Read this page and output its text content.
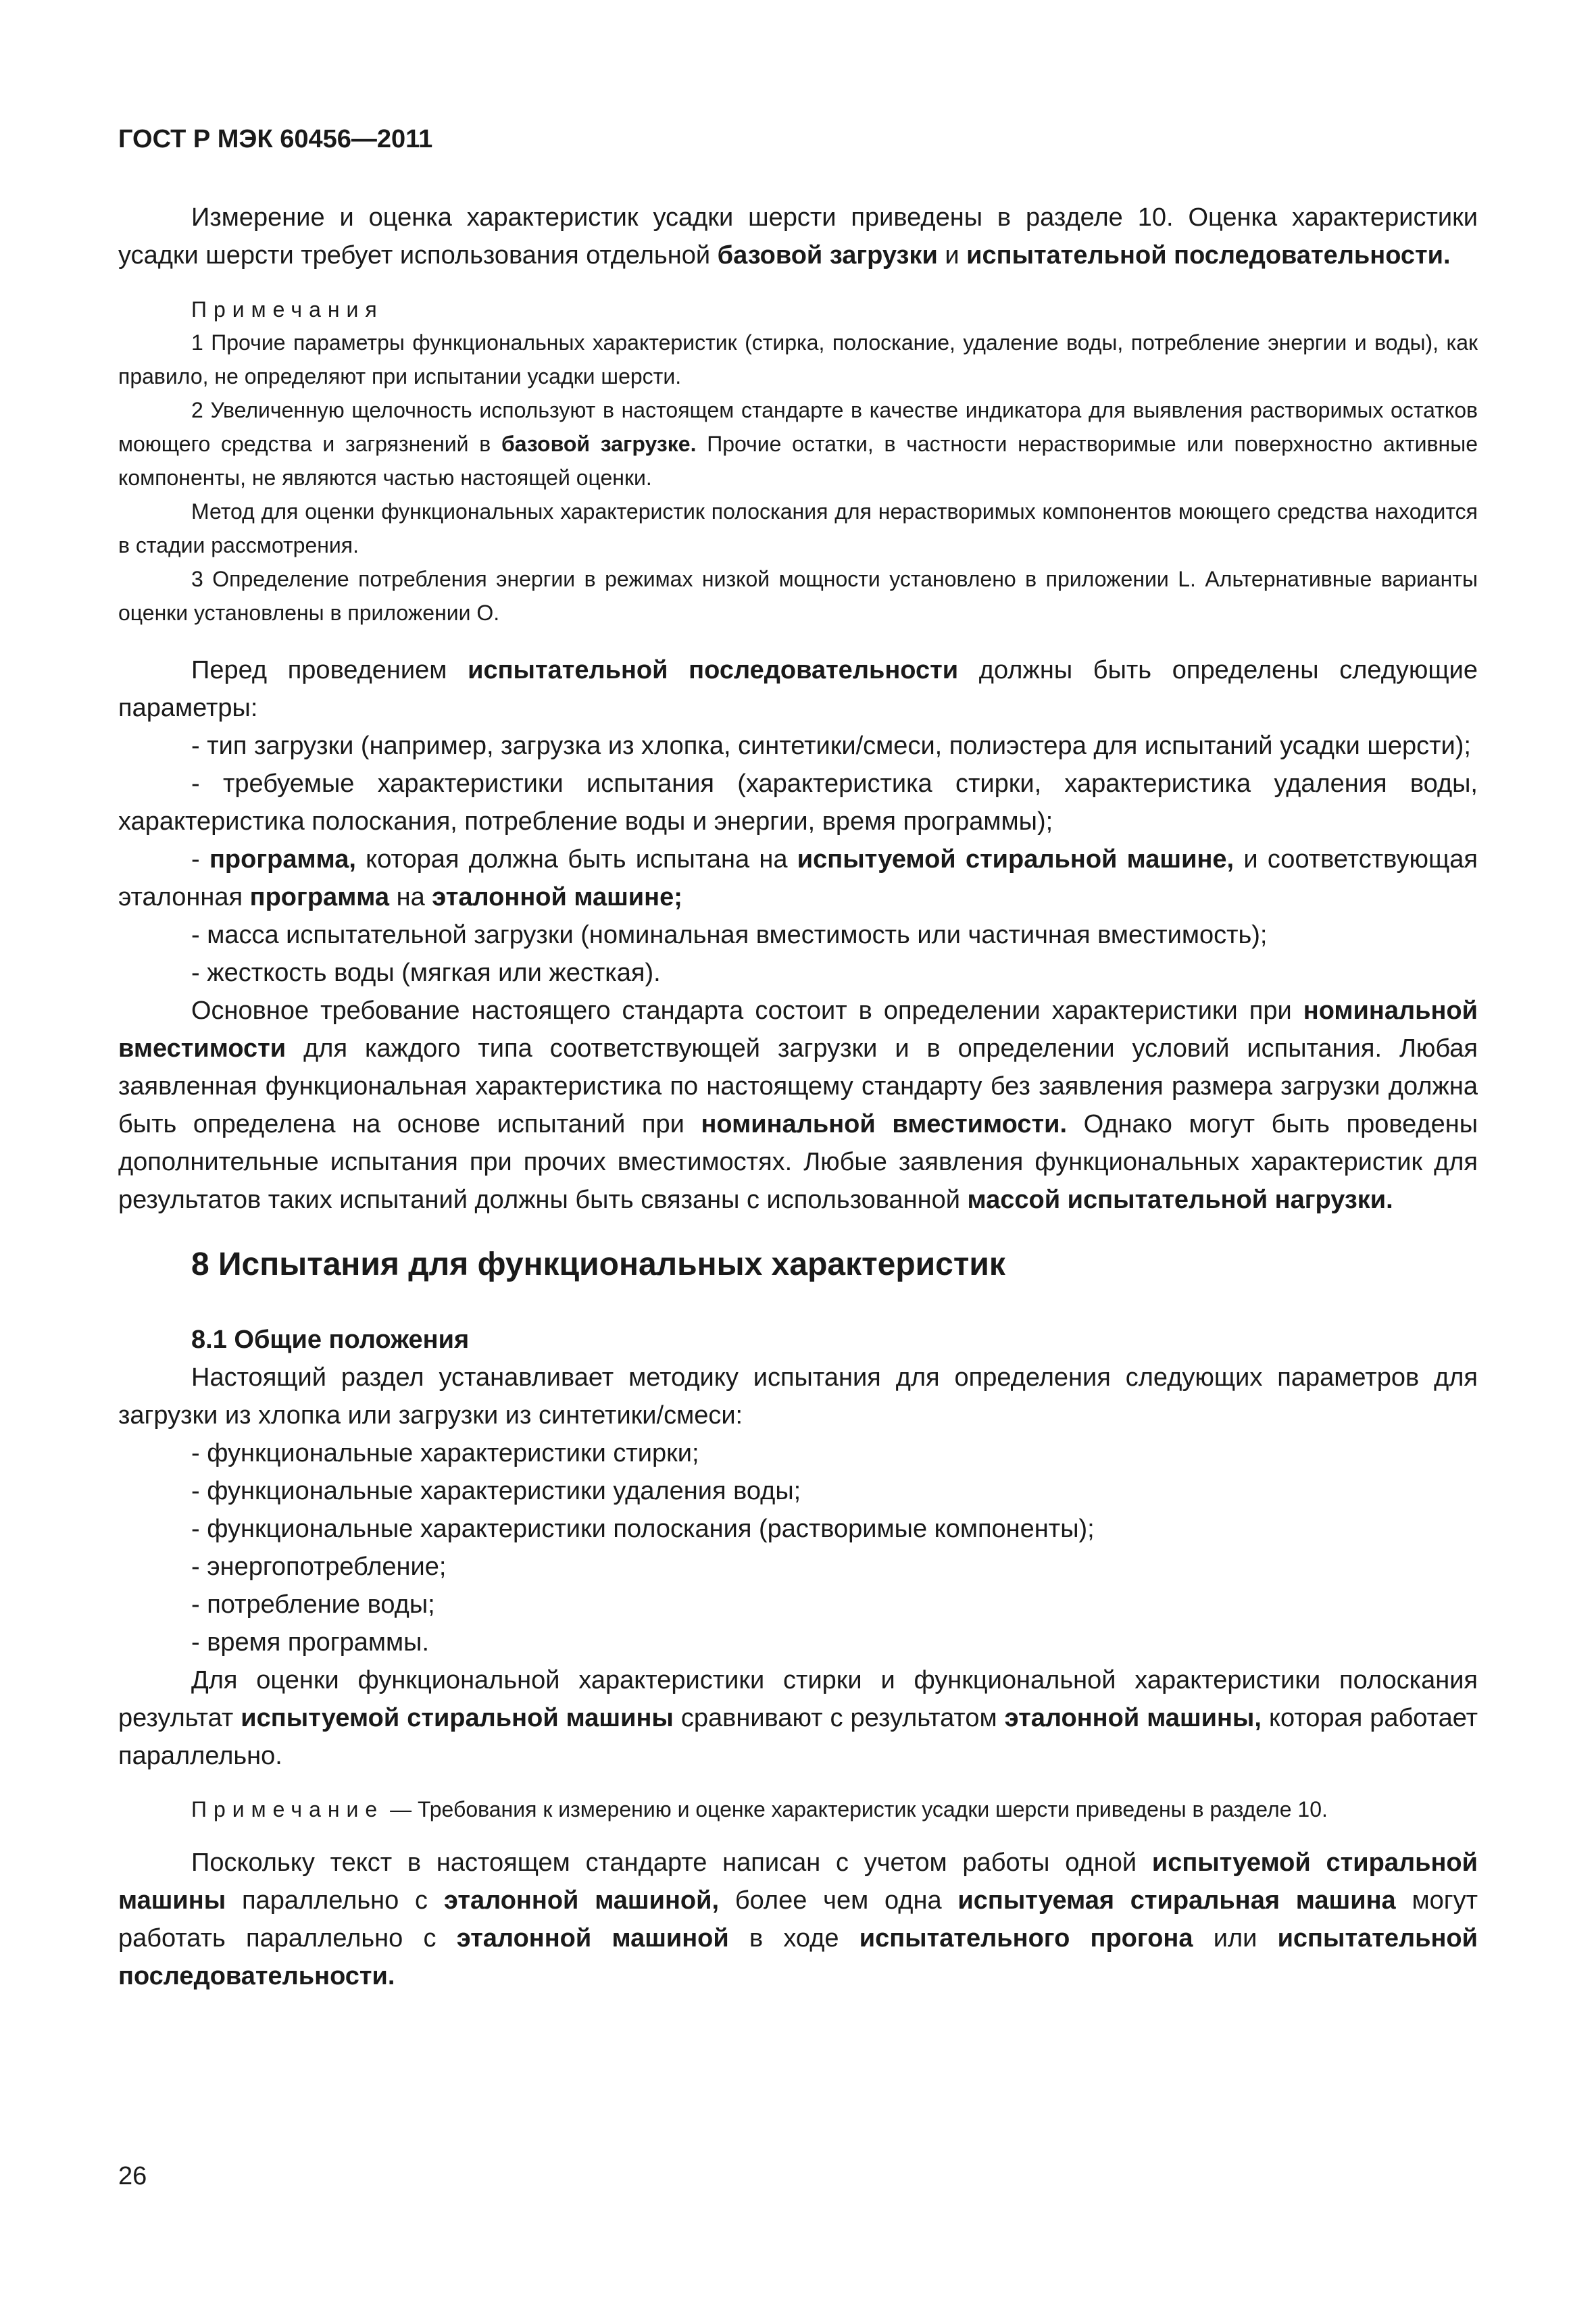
ГОСТ Р МЭК 60456—2011

Измерение и оценка характеристик усадки шерсти приведены в разделе 10. Оценка характеристики усадки шерсти требует использования отдельной базовой загрузки и испытательной последовательности.

Примечания

1 Прочие параметры функциональных характеристик (стирка, полоскание, удаление воды, потребление энергии и воды), как правило, не определяют при испытании усадки шерсти.

2 Увеличенную щелочность используют в настоящем стандарте в качестве индикатора для выявления растворимых остатков моющего средства и загрязнений в базовой загрузке. Прочие остатки, в частности нерастворимые или поверхностно активные компоненты, не являются частью настоящей оценки.

Метод для оценки функциональных характеристик полоскания для нерастворимых компонентов моющего средства находится в стадии рассмотрения.

3 Определение потребления энергии в режимах низкой мощности установлено в приложении L. Альтернативные варианты оценки установлены в приложении О.

Перед проведением испытательной последовательности должны быть определены следующие параметры:

- тип загрузки (например, загрузка из хлопка, синтетики/смеси, полиэстера для испытаний усадки шерсти);

- требуемые характеристики испытания (характеристика стирки, характеристика удаления воды, характеристика полоскания, потребление воды и энергии, время программы);

- программа, которая должна быть испытана на испытуемой стиральной машине, и соответствующая эталонная программа на эталонной машине;

- масса испытательной загрузки (номинальная вместимость или частичная вместимость);

- жесткость воды (мягкая или жесткая).

Основное требование настоящего стандарта состоит в определении характеристики при номинальной вместимости для каждого типа соответствующей загрузки и в определении условий испытания. Любая заявленная функциональная характеристика по настоящему стандарту без заявления размера загрузки должна быть определена на основе испытаний при номинальной вместимости. Однако могут быть проведены дополнительные испытания при прочих вместимостях. Любые заявления функциональных характеристик для результатов таких испытаний должны быть связаны с использованной массой испытательной нагрузки.

8 Испытания для функциональных характеристик
8.1 Общие положения

Настоящий раздел устанавливает методику испытания для определения следующих параметров для загрузки из хлопка или загрузки из синтетики/смеси:

- функциональные характеристики стирки;

- функциональные характеристики удаления воды;

- функциональные характеристики полоскания (растворимые компоненты);

- энергопотребление;

- потребление воды;

- время программы.

Для оценки функциональной характеристики стирки и функциональной характеристики полоскания результат испытуемой стиральной машины сравнивают с результатом эталонной машины, которая работает параллельно.

Примечание — Требования к измерению и оценке характеристик усадки шерсти приведены в разделе 10.

Поскольку текст в настоящем стандарте написан с учетом работы одной испытуемой стиральной машины параллельно с эталонной машиной, более чем одна испытуемая стиральная машина могут работать параллельно с эталонной машиной в ходе испытательного прогона или испытательной последовательности.

26
